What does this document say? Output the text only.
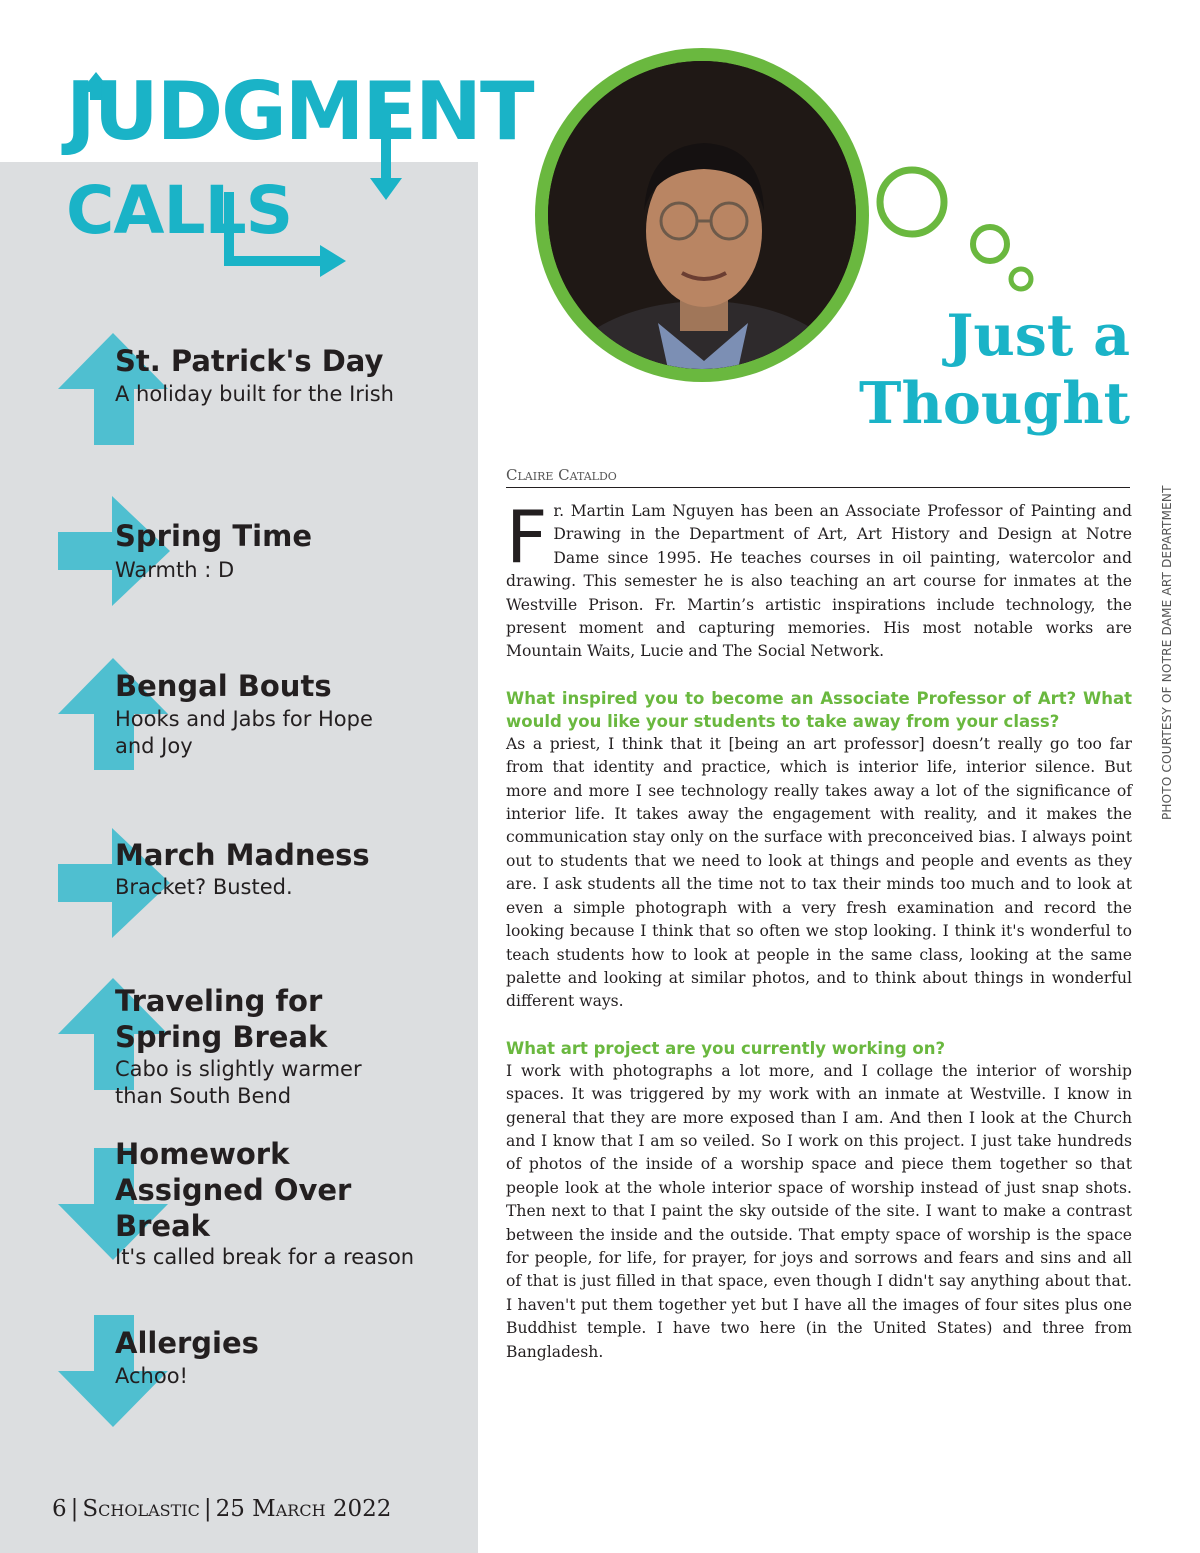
JUDGMENT
CALLS
St. Patrick's Day
A holiday built for the Irish
Spring Time
Warmth : D
Bengal Bouts
Hooks and Jabs for Hope and Joy
March Madness
Bracket? Busted.
Traveling for Spring Break
Cabo is slightly warmer than South Bend
Homework Assigned Over Break
It's called break for a reason
Allergies
Achoo!
6 | Scholastic | 25 March 2022
Just a
Thought
Claire Cataldo
PHOTO COURTESY OF NOTRE DAME ART DEPARTMENT

Fr. Martin Lam Nguyen has been an Associate Professor of Painting and Drawing in the Department of Art, Art History and Design at Notre Dame since 1995. He teaches courses in oil painting, watercolor and drawing. This semester he is also teaching an art course for inmates at the Westville Prison. Fr. Martin’s artistic inspirations include technology, the present moment and capturing memories. His most notable works are Mountain Waits, Lucie and The Social Network.

What inspired you to become an Associate Professor of Art? What would you like your students to take away from your class?

As a priest, I think that it [being an art professor] doesn’t really go too far from that identity and practice, which is interior life, interior silence. But more and more I see technology really takes away a lot of the significance of interior life. It takes away the engagement with reality, and it makes the communication stay only on the surface with preconceived bias. I always point out to students that we need to look at things and people and events as they are. I ask students all the time not to tax their minds too much and to look at even a simple photograph with a very fresh examination and record the looking because I think that so often we stop looking. I think it's wonderful to teach students how to look at people in the same class, looking at the same palette and looking at similar photos, and to think about things in wonderful different ways.

What art project are you currently working on?

I work with photographs a lot more, and I collage the interior of worship spaces. It was triggered by my work with an inmate at Westville. I know in general that they are more exposed than I am. And then I look at the Church and I know that I am so veiled. So I work on this project. I just take hundreds of photos of the inside of a worship space and piece them together so that people look at the whole interior space of worship instead of just snap shots. Then next to that I paint the sky outside of the site. I want to make a contrast between the inside and the outside. That empty space of worship is the space for people, for life, for prayer, for joys and sorrows and fears and sins and all of that is just filled in that space, even though I didn't say anything about that. I haven't put them together yet but I have all the images of four sites plus one Buddhist temple. I have two here (in the United States) and three from Bangladesh.
